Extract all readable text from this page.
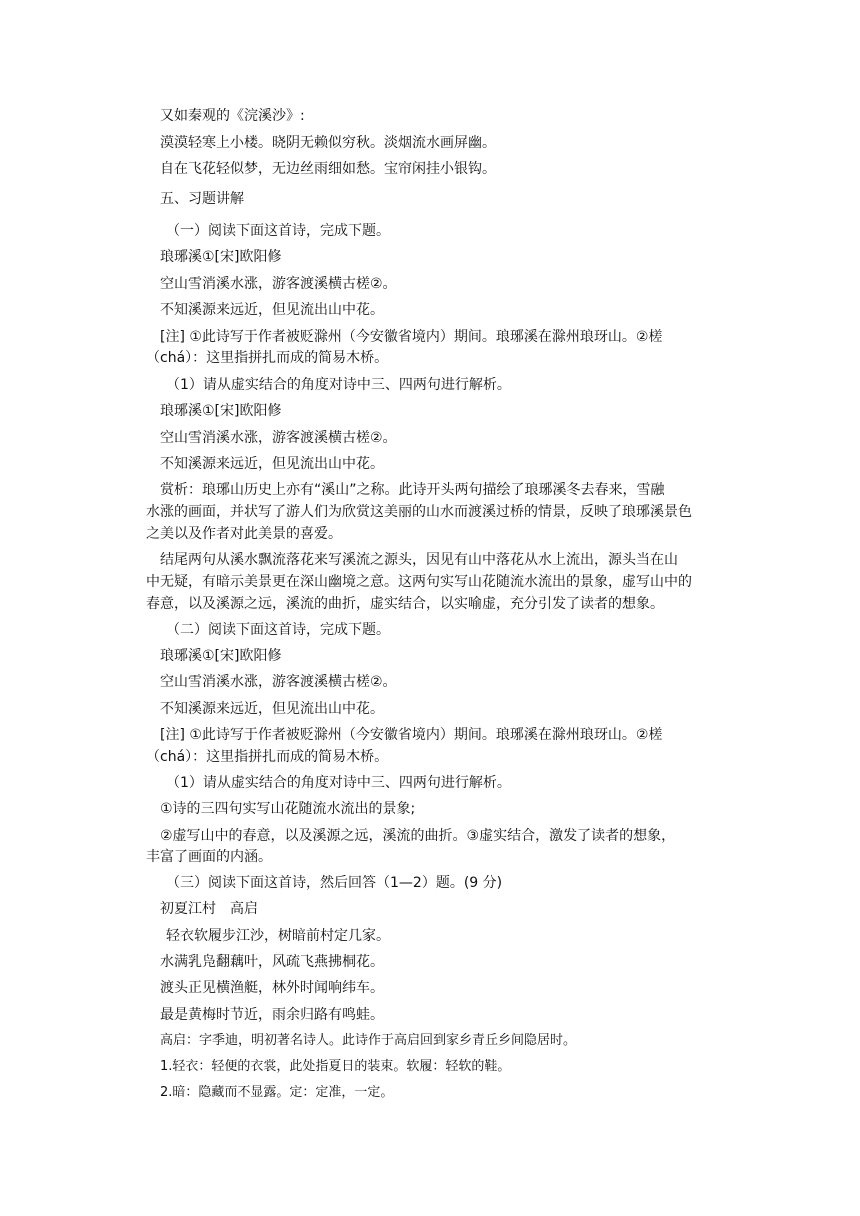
又如秦观的《浣溪沙》:

漠漠轻寒上小楼。晓阴无赖似穷秋。淡烟流水画屏幽。

自在飞花轻似梦，无边丝雨细如愁。宝帘闲挂小银钩。

五、习题讲解

（一）阅读下面这首诗，完成下题。

琅琊溪①[宋]欧阳修

空山雪消溪水涨，游客渡溪横古槎②。

不知溪源来远近，但见流出山中花。

[注] ①此诗写于作者被贬滁州（今安徽省境内）期间。琅琊溪在滁州琅玡山。②槎

（chá）：这里指拼扎而成的简易木桥。

（1）请从虚实结合的角度对诗中三、四两句进行解析。

琅琊溪①[宋]欧阳修

空山雪消溪水涨，游客渡溪横古槎②。

不知溪源来远近，但见流出山中花。

赏析：琅琊山历史上亦有“溪山”之称。此诗开头两句描绘了琅琊溪冬去春来，雪融

水涨的画面，并状写了游人们为欣赏这美丽的山水而渡溪过桥的情景，反映了琅琊溪景色

之美以及作者对此美景的喜爱。

结尾两句从溪水飘流落花来写溪流之源头，因见有山中落花从水上流出，源头当在山

中无疑，有暗示美景更在深山幽境之意。这两句实写山花随流水流出的景象，虚写山中的

春意，以及溪源之远，溪流的曲折，虚实结合，以实喻虚，充分引发了读者的想象。

（二）阅读下面这首诗，完成下题。

琅琊溪①[宋]欧阳修

空山雪消溪水涨，游客渡溪横古槎②。

不知溪源来远近，但见流出山中花。

[注] ①此诗写于作者被贬滁州（今安徽省境内）期间。琅琊溪在滁州琅玡山。②槎

（chá）：这里指拼扎而成的简易木桥。

（1）请从虚实结合的角度对诗中三、四两句进行解析。

①诗的三四句实写山花随流水流出的景象;

②虚写山中的春意，以及溪源之远，溪流的曲折。③虚实结合，激发了读者的想象，

丰富了画面的内涵。

（三）阅读下面这首诗，然后回答（1—2）题。(9 分)

初夏江村　高启

轻衣软履步江沙，树暗前村定几家。

水满乳凫翻藕叶，风疏飞燕拂桐花。

渡头正见横渔艇，林外时闻响纬车。

最是黄梅时节近，雨余归路有鸣蛙。

高启：字季迪，明初著名诗人。此诗作于高启回到家乡青丘乡间隐居时。

1.轻衣：轻便的衣裳，此处指夏日的装束。软履：轻软的鞋。

2.暗：隐藏而不显露。定：定准，一定。
